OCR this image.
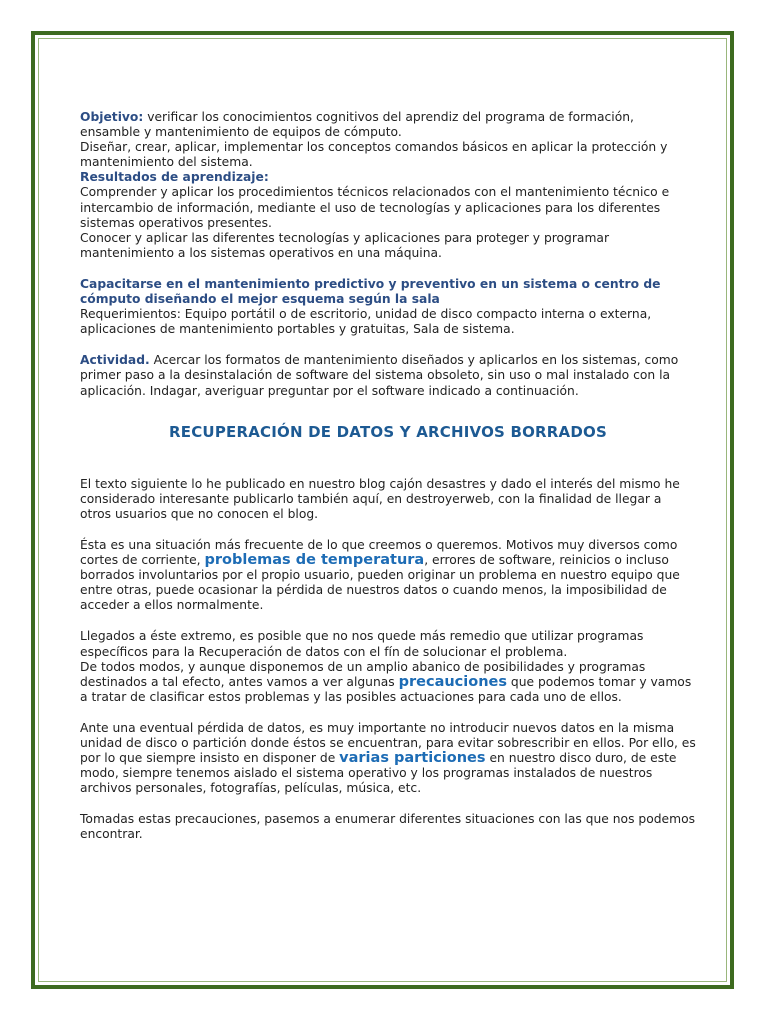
Objetivo: verificar los conocimientos cognitivos del aprendiz del programa de formación, ensamble y mantenimiento de equipos de cómputo.

Diseñar, crear, aplicar, implementar los conceptos comandos básicos en aplicar la protección y mantenimiento del sistema.

Resultados de aprendizaje:

Comprender y aplicar los procedimientos técnicos relacionados con el mantenimiento técnico e intercambio de información, mediante el uso de tecnologías y aplicaciones para los diferentes sistemas operativos presentes.

Conocer y aplicar las diferentes tecnologías y aplicaciones para proteger y programar mantenimiento a los sistemas operativos en una máquina.

Capacitarse en el mantenimiento predictivo y preventivo en un sistema o centro de cómputo diseñando el mejor esquema según la sala

Requerimientos: Equipo portátil o de escritorio, unidad de disco compacto interna o externa, aplicaciones de mantenimiento portables y gratuitas, Sala de sistema.

Actividad. Acercar los formatos de mantenimiento diseñados y aplicarlos en los sistemas, como primer paso a la desinstalación de software del sistema obsoleto, sin uso o mal instalado con la aplicación. Indagar, averiguar preguntar por el software indicado a continuación.

RECUPERACIÓN DE DATOS Y ARCHIVOS BORRADOS

El texto siguiente lo he publicado en nuestro blog cajón desastres y dado el interés del mismo he considerado interesante publicarlo también aquí, en destroyerweb, con la finalidad de llegar a otros usuarios que no conocen el blog.

Ésta es una situación más frecuente de lo que creemos o queremos. Motivos muy diversos como cortes de corriente, problemas de temperatura, errores de software, reinicios o incluso borrados involuntarios por el propio usuario, pueden originar un problema en nuestro equipo que entre otras, puede ocasionar la pérdida de nuestros datos o cuando menos, la imposibilidad de acceder a ellos normalmente.

Llegados a éste extremo, es posible que no nos quede más remedio que utilizar programas específicos para la Recuperación de datos con el fín de solucionar el problema.

De todos modos, y aunque disponemos de un amplio abanico de posibilidades y programas destinados a tal efecto, antes vamos a ver algunas precauciones que podemos tomar y vamos a tratar de clasificar estos problemas y las posibles actuaciones para cada uno de ellos.

Ante una eventual pérdida de datos, es muy importante no introducir nuevos datos en la misma unidad de disco o partición donde éstos se encuentran, para evitar sobrescribir en ellos. Por ello, es por lo que siempre insisto en disponer de varias particiones en nuestro disco duro, de este modo, siempre tenemos aislado el sistema operativo y los programas instalados de nuestros archivos personales, fotografías, películas, música, etc.

Tomadas estas precauciones, pasemos a enumerar diferentes situaciones con las que nos podemos encontrar.
